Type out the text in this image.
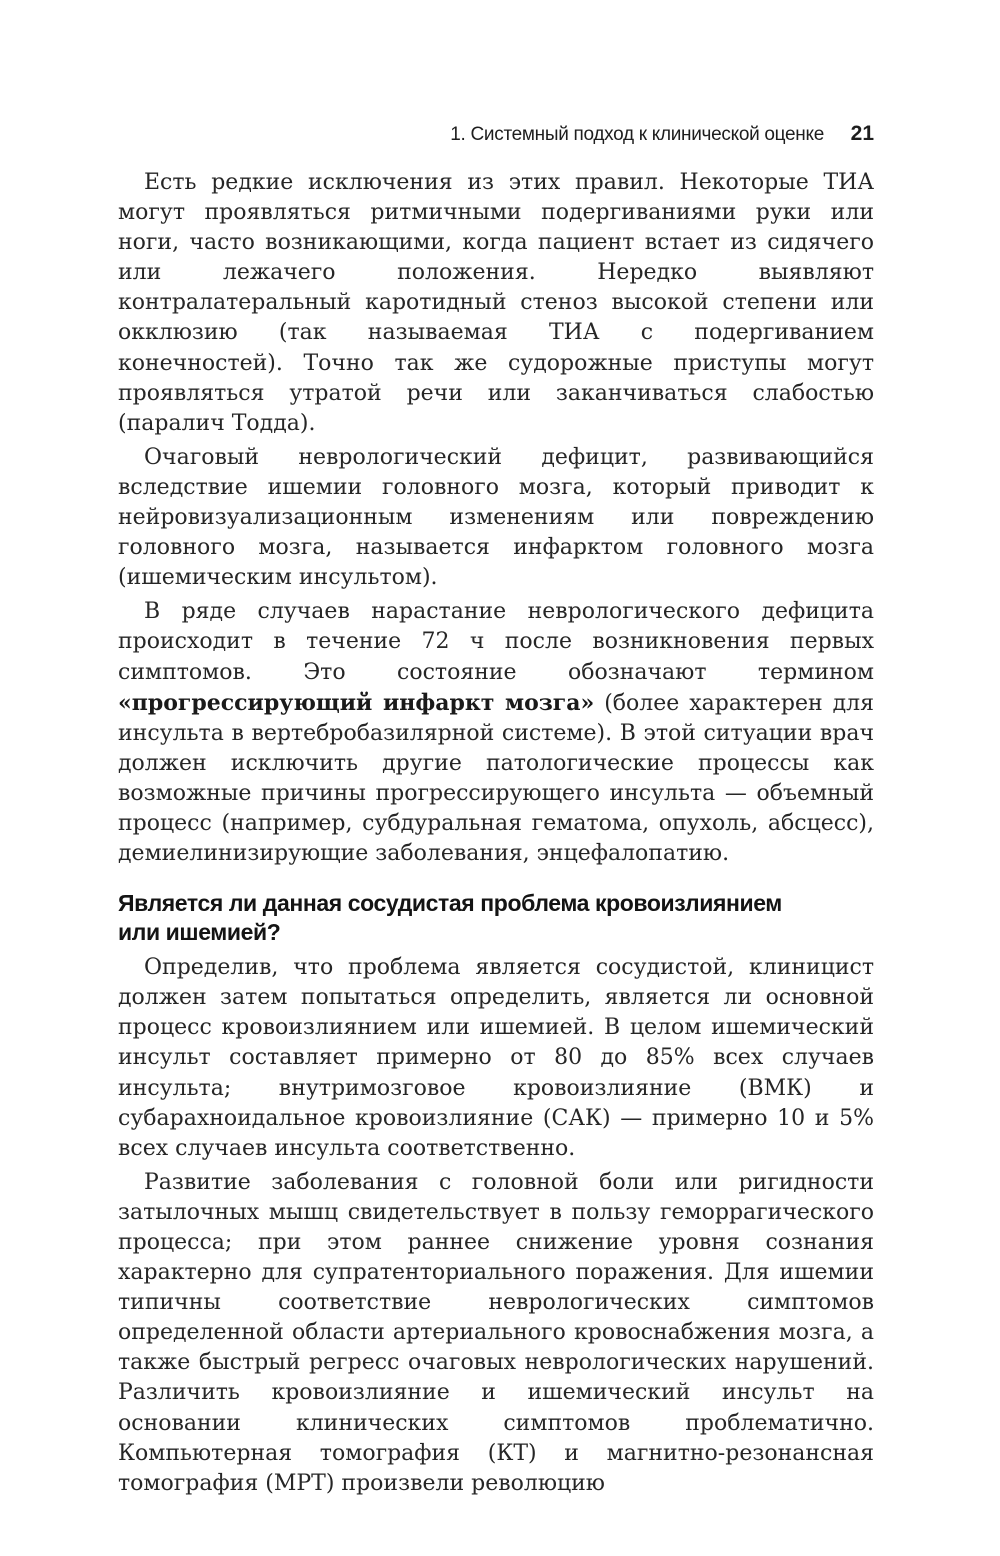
1. Системный подход к клинической оценке 21

Есть редкие исключения из этих правил. Некоторые ТИА могут проявляться ритмичными подергиваниями руки или ноги, часто возникающими, когда пациент встает из сидячего или лежачего положения. Нередко выявляют контралатеральный каротидный стеноз высокой степени или окклюзию (так называемая ТИА с подергиванием конечностей). Точно так же судорожные приступы могут проявляться утратой речи или заканчиваться слабостью (паралич Тодда).

Очаговый неврологический дефицит, развивающийся вследствие ишемии головного мозга, который приводит к нейровизуализационным изменениям или повреждению головного мозга, называется инфарктом головного мозга (ишемическим инсультом).

В ряде случаев нарастание неврологического дефицита происходит в течение 72 ч после возникновения первых симптомов. Это состояние обозначают термином «прогрессирующий инфаркт мозга» (более характерен для инсульта в вертебробазилярной системе). В этой ситуации врач должен исключить другие патологические процессы как возможные причины прогрессирующего инсульта — объемный процесс (например, субдуральная гематома, опухоль, абсцесс), демиелинизирующие заболевания, энцефалопатию.

Является ли данная сосудистая проблема кровоизлиянием
или ишемией?

Определив, что проблема является сосудистой, клиницист должен затем попытаться определить, является ли основной процесс кровоизлиянием или ишемией. В целом ишемический инсульт составляет примерно от 80 до 85% всех случаев инсульта; внутримозговое кровоизлияние (ВМК) и субарахноидальное кровоизлияние (САК) — примерно 10 и 5% всех случаев инсульта соответственно.

Развитие заболевания с головной боли или ригидности затылочных мышц свидетельствует в пользу геморрагического процесса; при этом раннее снижение уровня сознания характерно для супратенториального поражения. Для ишемии типичны соответствие неврологических симптомов определенной области артериального кровоснабжения мозга, а также быстрый регресс очаговых неврологических нарушений. Различить кровоизлияние и ишемический инсульт на основании клинических симптомов проблематично. Компьютерная томография (КТ) и магнитно-резонансная томография (МРТ) произвели революцию
